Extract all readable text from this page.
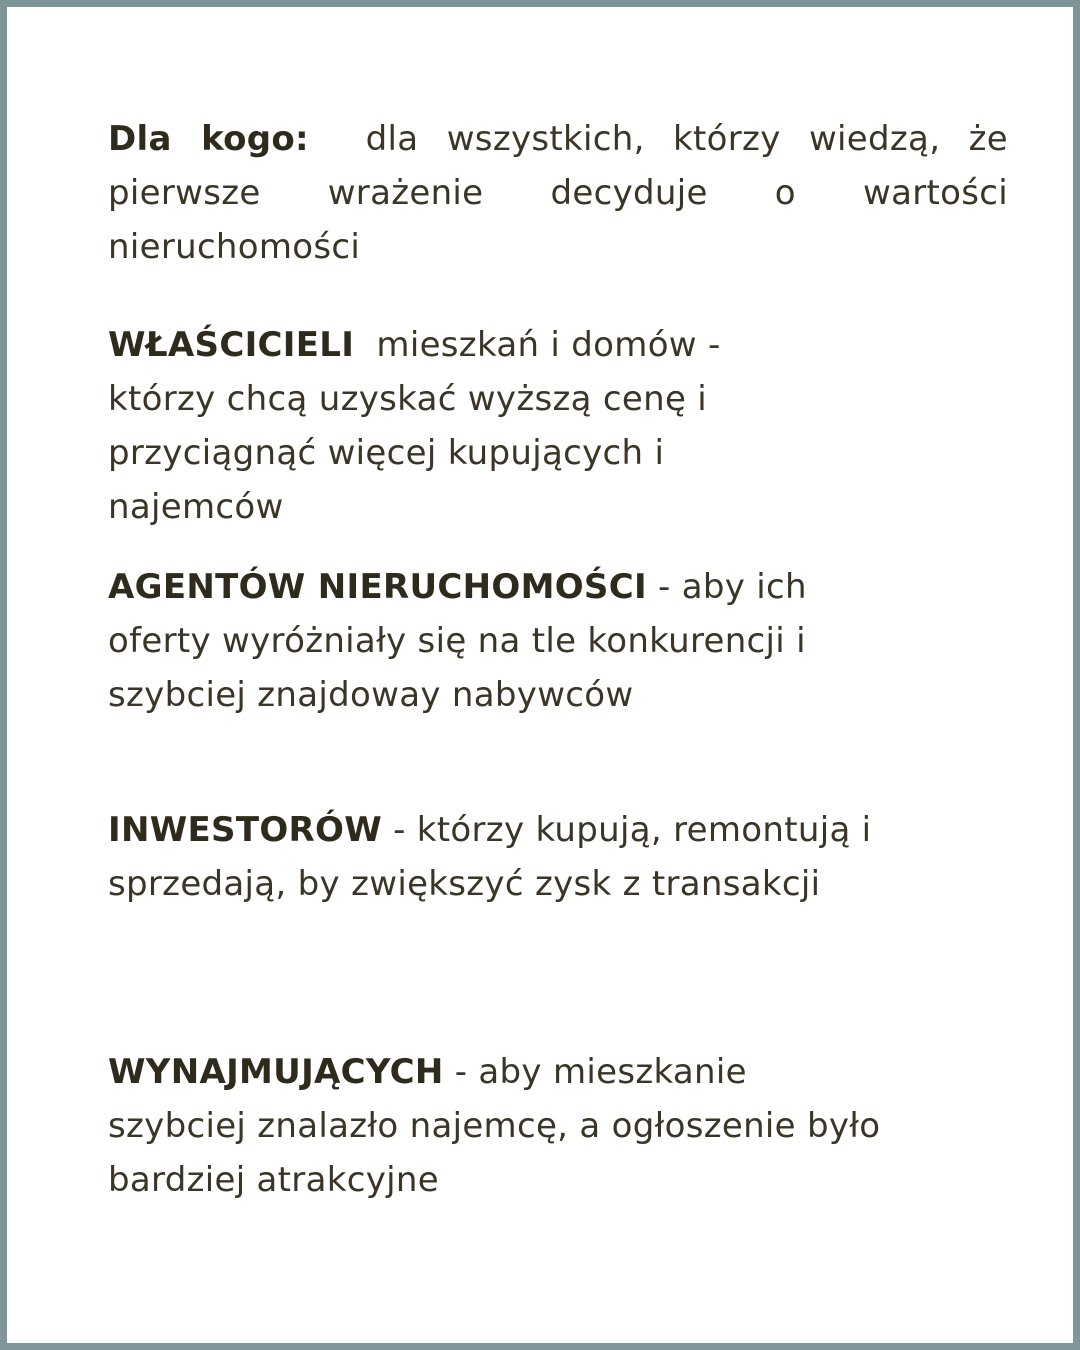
Dla kogo: dla wszystkich, którzy wiedzą, że pierwsze wrażenie decyduje o wartości nieruchomości

WŁAŚCICIELI mieszkań i domów - którzy chcą uzyskać wyższą cenę i przyciągnąć więcej kupujących i najemców

AGENTÓW NIERUCHOMOŚCI - aby ich oferty wyróżniały się na tle konkurencji i szybciej znajdoway nabywców

INWESTORÓW - którzy kupują, remontują i sprzedają, by zwiększyć zysk z transakcji

WYNAJMUJĄCYCH - aby mieszkanie szybciej znalazło najemcę, a ogłoszenie było bardziej atrakcyjne
